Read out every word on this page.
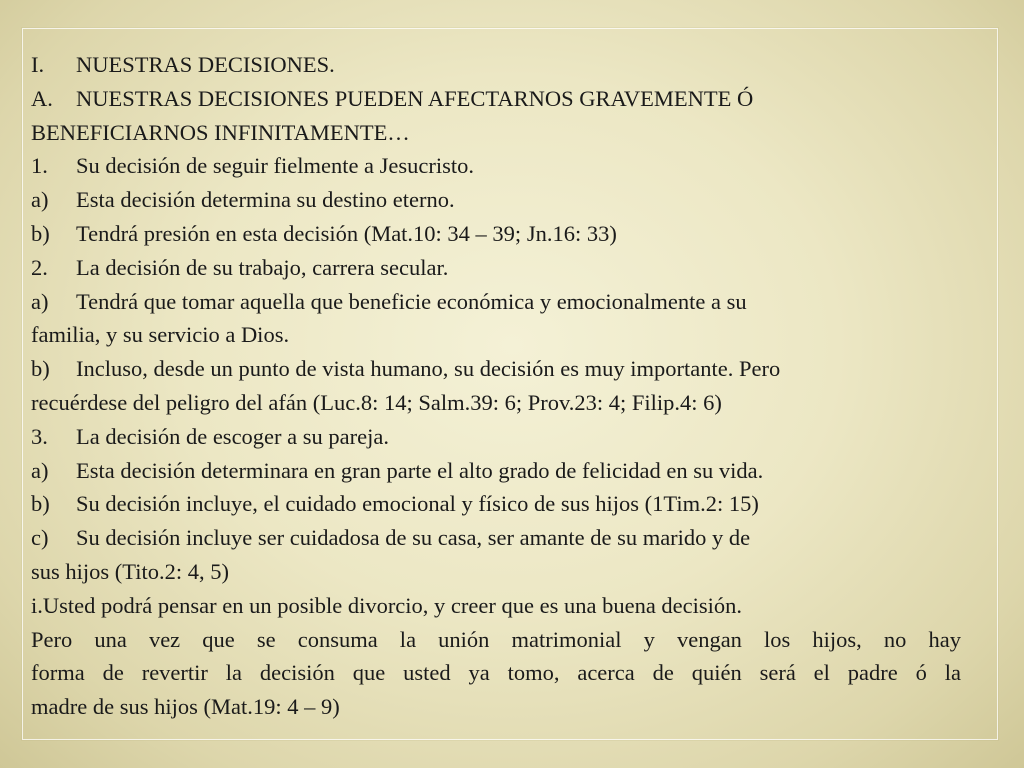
I. NUESTRAS DECISIONES.
A. NUESTRAS DECISIONES PUEDEN AFECTARNOS GRAVEMENTE Ó
BENEFICIARNOS INFINITAMENTE…
1. Su decisión de seguir fielmente a Jesucristo.
a) Esta decisión determina su destino eterno.
b) Tendrá presión en esta decisión (Mat.10: 34 – 39; Jn.16: 33)
2. La decisión de su trabajo, carrera secular.
a) Tendrá que tomar aquella que beneficie económica y emocionalmente a su
familia, y su servicio a Dios.
b) Incluso, desde un punto de vista humano, su decisión es muy importante. Pero
recuérdese del peligro del afán (Luc.8: 14; Salm.39: 6; Prov.23: 4; Filip.4: 6)
3. La decisión de escoger a su pareja.
a) Esta decisión determinara en gran parte el alto grado de felicidad en su vida.
b) Su decisión incluye, el cuidado emocional y físico de sus hijos (1Tim.2: 15)
c) Su decisión incluye ser cuidadosa de su casa, ser amante de su marido y de
sus hijos (Tito.2: 4, 5)
i.Usted podrá pensar en un posible divorcio, y creer que es una buena decisión.
Pero una vez que se consuma la unión matrimonial y vengan los hijos, no hay
forma de revertir la decisión que usted ya tomo, acerca de quién será el padre ó la
madre de sus hijos (Mat.19: 4 – 9)
